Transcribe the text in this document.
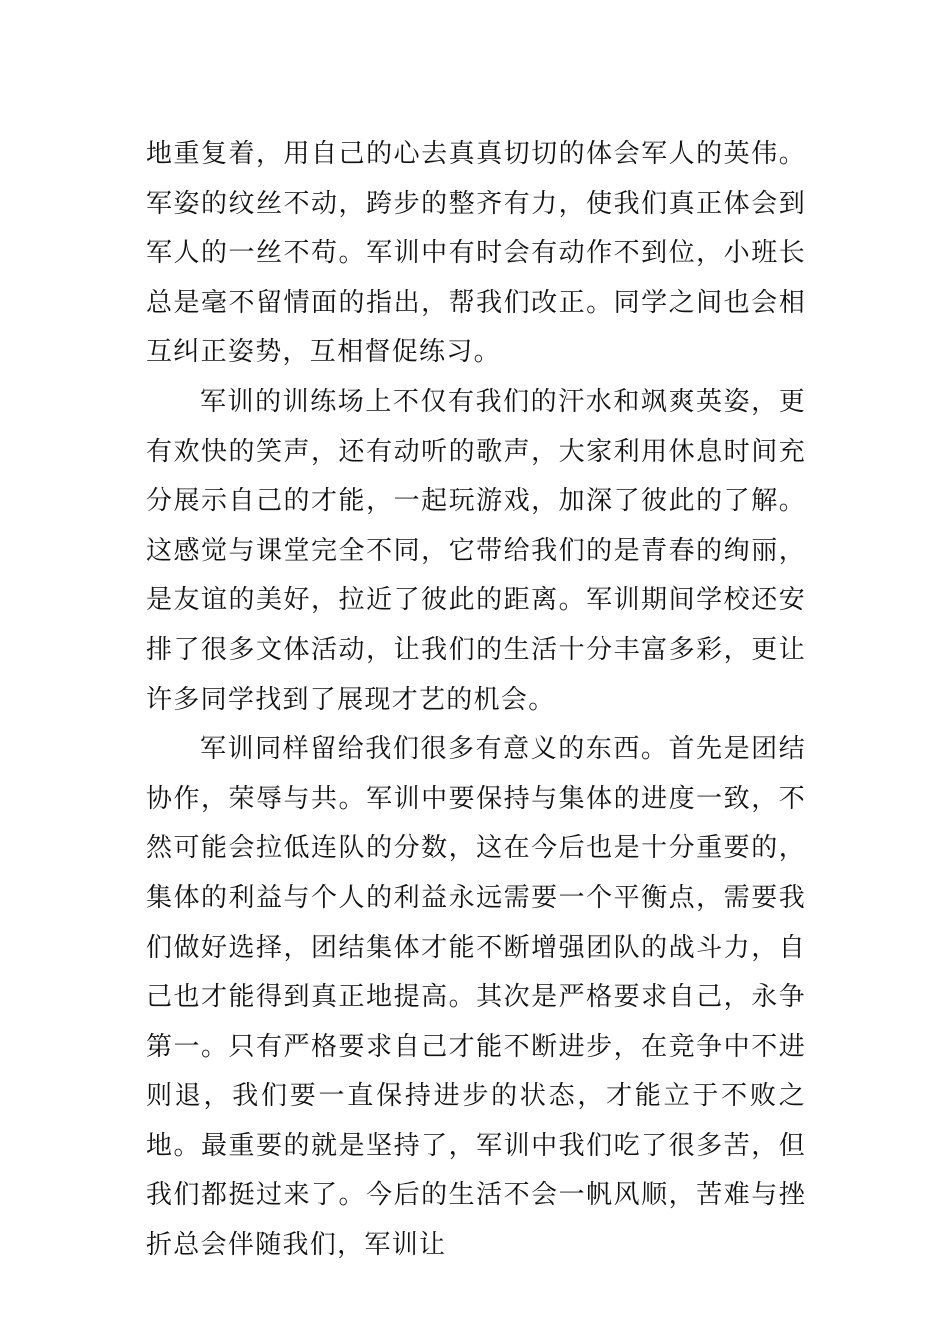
地重复着，用自己的心去真真切切的体会军人的英伟。军姿的纹丝不动，跨步的整齐有力，使我们真正体会到军人的一丝不苟。军训中有时会有动作不到位，小班长总是毫不留情面的指出，帮我们改正。同学之间也会相互纠正姿势，互相督促练习。

军训的训练场上不仅有我们的汗水和飒爽英姿，更有欢快的笑声，还有动听的歌声，大家利用休息时间充分展示自己的才能，一起玩游戏，加深了彼此的了解。这感觉与课堂完全不同，它带给我们的是青春的绚丽，是友谊的美好，拉近了彼此的距离。军训期间学校还安排了很多文体活动，让我们的生活十分丰富多彩，更让许多同学找到了展现才艺的机会。

军训同样留给我们很多有意义的东西。首先是团结协作，荣辱与共。军训中要保持与集体的进度一致，不然可能会拉低连队的分数，这在今后也是十分重要的，集体的利益与个人的利益永远需要一个平衡点，需要我们做好选择，团结集体才能不断增强团队的战斗力，自己也才能得到真正地提高。其次是严格要求自己，永争第一。只有严格要求自己才能不断进步，在竞争中不进则退，我们要一直保持进步的状态，才能立于不败之地。最重要的就是坚持了，军训中我们吃了很多苦，但我们都挺过来了。今后的生活不会一帆风顺，苦难与挫折总会伴随我们，军训让
